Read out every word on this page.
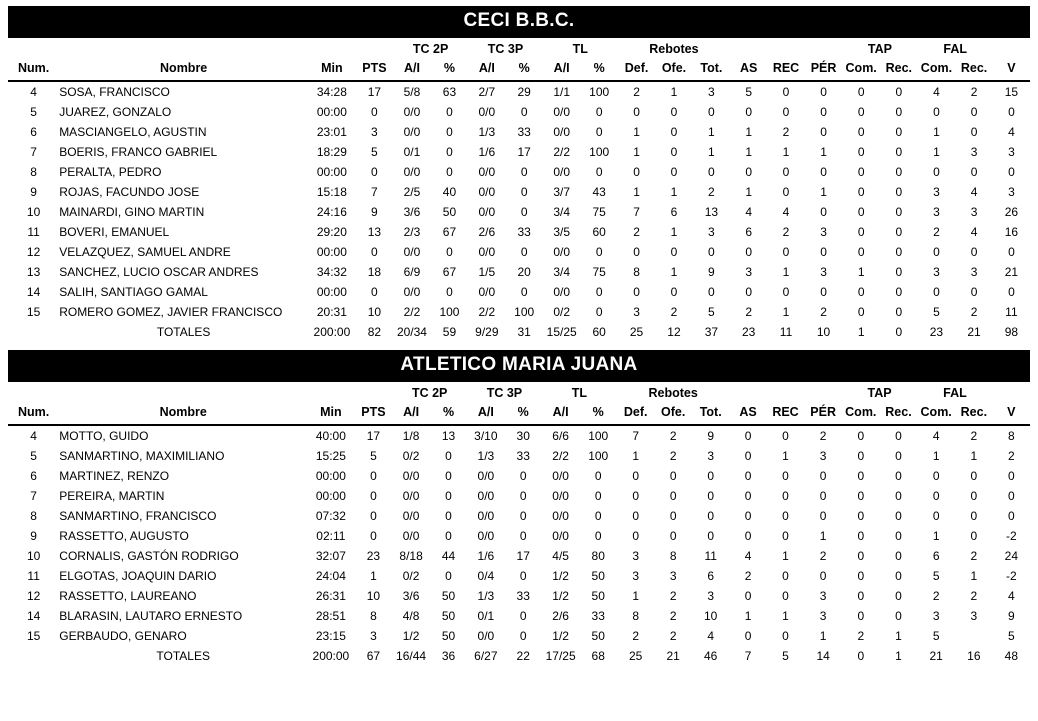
CECI B.B.C.
				TC 2P		TC 3P		TL		Rebotes						TAP		FAL		
Num.	Nombre	Min	PTS	A/I	%	A/I	%	A/I	%	Def.	Ofe.	Tot.	AS	REC	PÉR	Com.	Rec.	Com.	Rec.	V
4	SOSA, FRANCISCO	34:28	17	5/8	63	2/7	29	1/1	100	2	1	3	5	0	0	0	0	4	2	15
5	JUAREZ, GONZALO	00:00	0	0/0	0	0/0	0	0/0	0	0	0	0	0	0	0	0	0	0	0	0
6	MASCIANGELO, AGUSTIN	23:01	3	0/0	0	1/3	33	0/0	0	1	0	1	1	2	0	0	0	1	0	4
7	BOERIS, FRANCO GABRIEL	18:29	5	0/1	0	1/6	17	2/2	100	1	0	1	1	1	1	0	0	1	3	3
8	PERALTA, PEDRO	00:00	0	0/0	0	0/0	0	0/0	0	0	0	0	0	0	0	0	0	0	0	0
9	ROJAS, FACUNDO JOSE	15:18	7	2/5	40	0/0	0	3/7	43	1	1	2	1	0	1	0	0	3	4	3
10	MAINARDI, GINO MARTIN	24:16	9	3/6	50	0/0	0	3/4	75	7	6	13	4	4	0	0	0	3	3	26
11	BOVERI, EMANUEL	29:20	13	2/3	67	2/6	33	3/5	60	2	1	3	6	2	3	0	0	2	4	16
12	VELAZQUEZ, SAMUEL ANDRE	00:00	0	0/0	0	0/0	0	0/0	0	0	0	0	0	0	0	0	0	0	0	0
13	SANCHEZ, LUCIO OSCAR ANDRES	34:32	18	6/9	67	1/5	20	3/4	75	8	1	9	3	1	3	1	0	3	3	21
14	SALIH, SANTIAGO GAMAL	00:00	0	0/0	0	0/0	0	0/0	0	0	0	0	0	0	0	0	0	0	0	0
15	ROMERO GOMEZ, JAVIER FRANCISCO	20:31	10	2/2	100	2/2	100	0/2	0	3	2	5	2	1	2	0	0	5	2	11
	TOTALES	200:00	82	20/34	59	9/29	31	15/25	60	25	12	37	23	11	10	1	0	23	21	98
ATLETICO MARIA JUANA
				TC 2P		TC 3P		TL		Rebotes						TAP		FAL		
Num.	Nombre	Min	PTS	A/I	%	A/I	%	A/I	%	Def.	Ofe.	Tot.	AS	REC	PÉR	Com.	Rec.	Com.	Rec.	V
4	MOTTO, GUIDO	40:00	17	1/8	13	3/10	30	6/6	100	7	2	9	0	0	2	0	0	4	2	8
5	SANMARTINO, MAXIMILIANO	15:25	5	0/2	0	1/3	33	2/2	100	1	2	3	0	1	3	0	0	1	1	2
6	MARTINEZ, RENZO	00:00	0	0/0	0	0/0	0	0/0	0	0	0	0	0	0	0	0	0	0	0	0
7	PEREIRA, MARTIN	00:00	0	0/0	0	0/0	0	0/0	0	0	0	0	0	0	0	0	0	0	0	0
8	SANMARTINO, FRANCISCO	07:32	0	0/0	0	0/0	0	0/0	0	0	0	0	0	0	0	0	0	0	0	0
9	RASSETTO, AUGUSTO	02:11	0	0/0	0	0/0	0	0/0	0	0	0	0	0	0	1	0	0	1	0	-2
10	CORNALIS, GASTÓN RODRIGO	32:07	23	8/18	44	1/6	17	4/5	80	3	8	11	4	1	2	0	0	6	2	24
11	ELGOTAS, JOAQUIN DARIO	24:04	1	0/2	0	0/4	0	1/2	50	3	3	6	2	0	0	0	0	5	1	-2
12	RASSETTO, LAUREANO	26:31	10	3/6	50	1/3	33	1/2	50	1	2	3	0	0	3	0	0	2	2	4
14	BLARASIN, LAUTARO ERNESTO	28:51	8	4/8	50	0/1	0	2/6	33	8	2	10	1	1	3	0	0	3	3	9
15	GERBAUDO, GENARO	23:15	3	1/2	50	0/0	0	1/2	50	2	2	4	0	0	1	2	1	5		5
	TOTALES	200:00	67	16/44	36	6/27	22	17/25	68	25	21	46	7	5	14	0	1	21	16	48
